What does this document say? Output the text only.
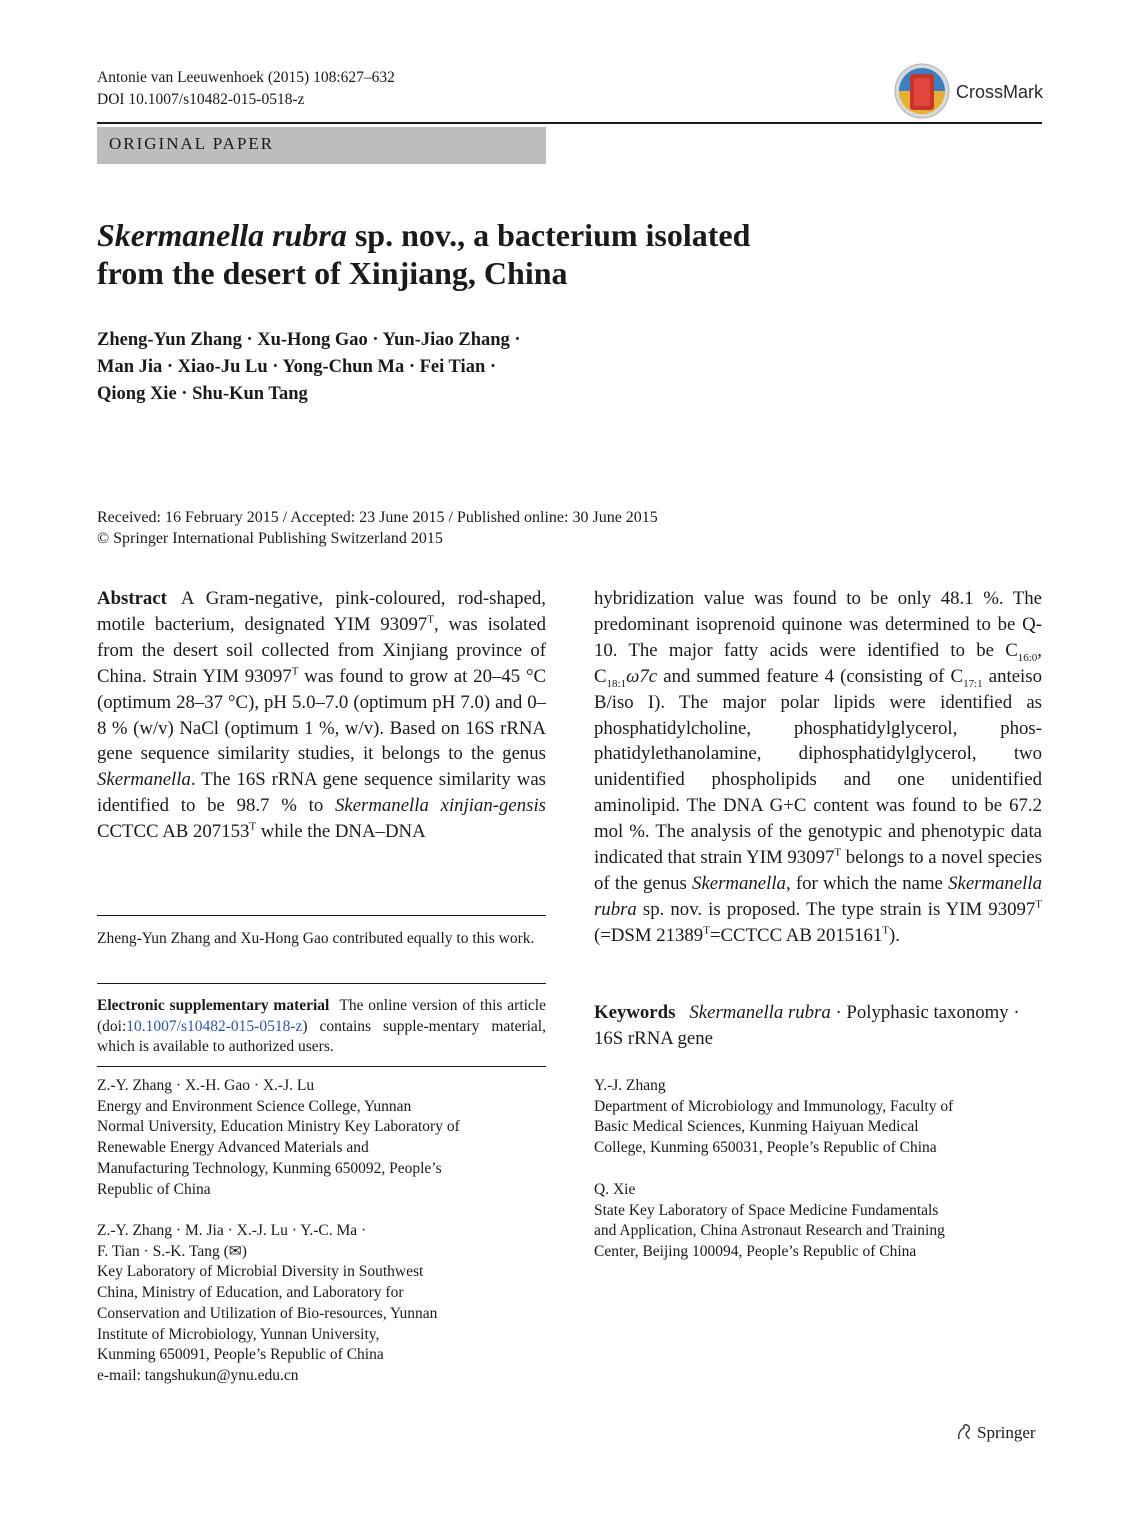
Antonie van Leeuwenhoek (2015) 108:627–632
DOI 10.1007/s10482-015-0518-z	CrossMark
ORIGINAL PAPER
Skermanella rubra sp. nov., a bacterium isolated
from the desert of Xinjiang, China
Zheng-Yun Zhang · Xu-Hong Gao · Yun-Jiao Zhang ·
Man Jia · Xiao-Ju Lu · Yong-Chun Ma · Fei Tian ·
Qiong Xie · Shu-Kun Tang
Received: 16 February 2015 / Accepted: 23 June 2015 / Published online: 30 June 2015
© Springer International Publishing Switzerland 2015
Abstract A Gram-negative, pink-coloured, rod-shaped, motile bacterium, designated YIM $93097^T$, was isolated from the desert soil collected from Xinjiang province of China. Strain YIM $93097^T$ was found to grow at 20–45 °C (optimum 28–37 °C), pH 5.0–7.0 (optimum pH 7.0) and 0–8 % (w/v) NaCl (optimum 1 %, w/v). Based on 16S rRNA gene sequence similarity studies, it belongs to the genus Skermanella. The 16S rRNA gene sequence similarity was identified to be 98.7 % to Skermanella xinjian-gensis CCTCC AB $207153^T$ while the DNA–DNA
hybridization value was found to be only 48.1 %. The predominant isoprenoid quinone was determined to be Q-10. The major fatty acids were identified to be $C_{16:0}$, $C_{18:1}\omega 7c$ and summed feature 4 (consisting of $C_{17:1}$ anteiso B/iso I). The major polar lipids were identified as phosphatidylcholine, phosphatidylglycerol, phos-phatidylethanolamine, diphosphatidylglycerol, two unidentified phospholipids and one unidentified aminolipid. The DNA G+C content was found to be 67.2 mol %. The analysis of the genotypic and phenotypic data indicated that strain YIM $93097^T$ belongs to a novel species of the genus Skermanella, for which the name Skermanella rubra sp. nov. is proposed. The type strain is YIM $93097^T$ (=DSM $21389^T=CCTCC$ AB $2015161^T$).
Keywords Skermanella rubra · Polyphasic taxonomy · 16S rRNA gene
Zheng-Yun Zhang and Xu-Hong Gao contributed equally to this work.
Electronic supplementary material The online version of this article (doi:10.1007/s10482-015-0518-z) contains supple-mentary material, which is available to authorized users.
Z.-Y. Zhang · X.-H. Gao · X.-J. Lu
Energy and Environment Science College, Yunnan
Normal University, Education Ministry Key Laboratory of
Renewable Energy Advanced Materials and
Manufacturing Technology, Kunming 650092, People’s
Republic of China
Z.-Y. Zhang · M. Jia · X.-J. Lu · Y.-C. Ma ·
F. Tian · S.-K. Tang (✉)
Key Laboratory of Microbial Diversity in Southwest
China, Ministry of Education, and Laboratory for
Conservation and Utilization of Bio-resources, Yunnan
Institute of Microbiology, Yunnan University,
Kunming 650091, People’s Republic of China
e-mail: tangshukun@ynu.edu.cn
Y.-J. Zhang
Department of Microbiology and Immunology, Faculty of
Basic Medical Sciences, Kunming Haiyuan Medical
College, Kunming 650031, People’s Republic of China
Q. Xie
State Key Laboratory of Space Medicine Fundamentals
and Application, China Astronaut Research and Training
Center, Beijing 100094, People’s Republic of China
Springer
